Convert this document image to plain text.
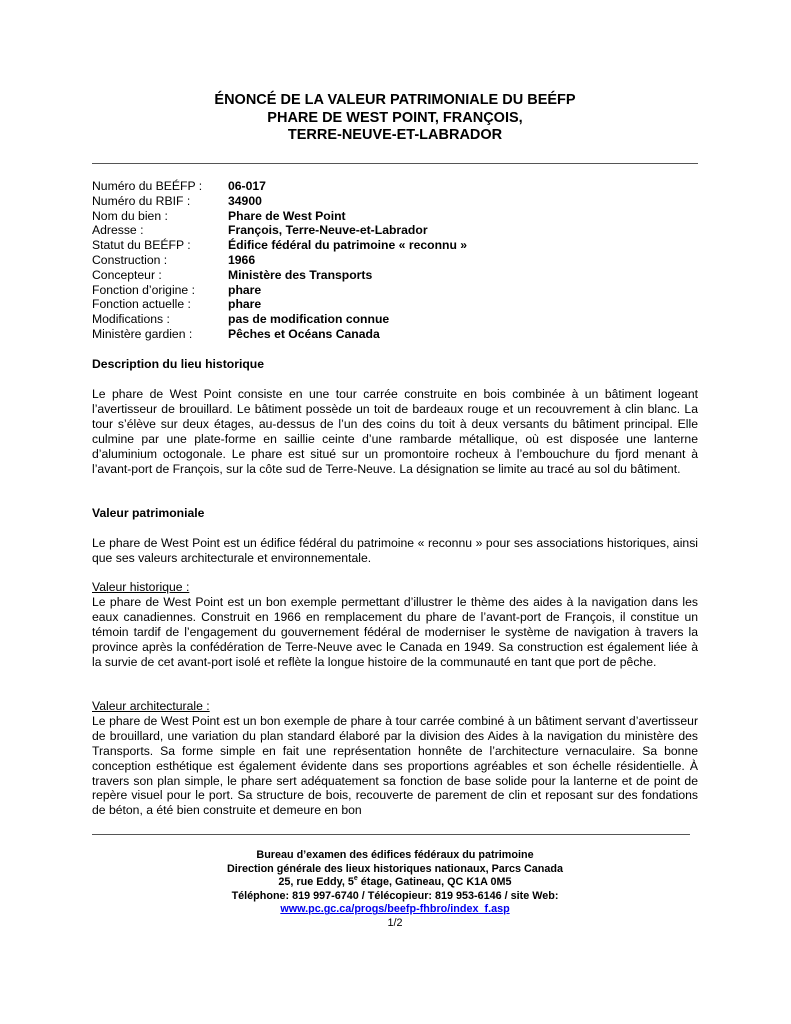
ÉNONCÉ DE LA VALEUR PATRIMONIALE DU BEÉFP
PHARE DE WEST POINT, FRANÇOIS,
TERRE-NEUVE-ET-LABRADOR
Numéro du BEÉFP :	06-017
Numéro du RBIF :	34900
Nom du bien :	Phare de West Point
Adresse :	François, Terre-Neuve-et-Labrador
Statut du BEÉFP :	Édifice fédéral du patrimoine « reconnu »
Construction :	1966
Concepteur :	Ministère des Transports
Fonction d’origine :	phare
Fonction actuelle :	phare
Modifications :	pas de modification connue
Ministère gardien :	Pêches et Océans Canada
Description du lieu historique
Le phare de West Point consiste en une tour carrée construite en bois combinée à un bâtiment logeant l’avertisseur de brouillard. Le bâtiment possède un toit de bardeaux rouge et un recouvrement à clin blanc. La tour s’élève sur deux étages, au-dessus de l’un des coins du toit à deux versants du bâtiment principal. Elle culmine par une plate-forme en saillie ceinte d’une rambarde métallique, où est disposée une lanterne d’aluminium octogonale. Le phare est situé sur un promontoire rocheux à l’embouchure du fjord menant à l’avant-port de François, sur la côte sud de Terre-Neuve. La désignation se limite au tracé au sol du bâtiment.
Valeur patrimoniale
Le phare de West Point est un édifice fédéral du patrimoine « reconnu » pour ses associations historiques, ainsi que ses valeurs architecturale et environnementale.
Valeur historique :
Le phare de West Point est un bon exemple permettant d’illustrer le thème des aides à la navigation dans les eaux canadiennes. Construit en 1966 en remplacement du phare de l’avant-port de François, il constitue un témoin tardif de l’engagement du gouvernement fédéral de moderniser le système de navigation à travers la province après la confédération de Terre-Neuve avec le Canada en 1949. Sa construction est également liée à la survie de cet avant-port isolé et reflète la longue histoire de la communauté en tant que port de pêche.
Valeur architecturale :
Le phare de West Point est un bon exemple de phare à tour carrée combiné à un bâtiment servant d’avertisseur de brouillard, une variation du plan standard élaboré par la division des Aides à la navigation du ministère des Transports. Sa forme simple en fait une représentation honnête de l’architecture vernaculaire. Sa bonne conception esthétique est également évidente dans ses proportions agréables et son échelle résidentielle. À travers son plan simple, le phare sert adéquatement sa fonction de base solide pour la lanterne et de point de repère visuel pour le port. Sa structure de bois, recouverte de parement de clin et reposant sur des fondations de béton, a été bien construite et demeure en bon
Bureau d’examen des édifices fédéraux du patrimoine
Direction générale des lieux historiques nationaux, Parcs Canada
25, rue Eddy, 5e étage, Gatineau, QC K1A 0M5
Téléphone: 819 997-6740 / Télécopieur: 819 953-6146 / site Web:
www.pc.gc.ca/progs/beefp-fhbro/index_f.asp
1/2
